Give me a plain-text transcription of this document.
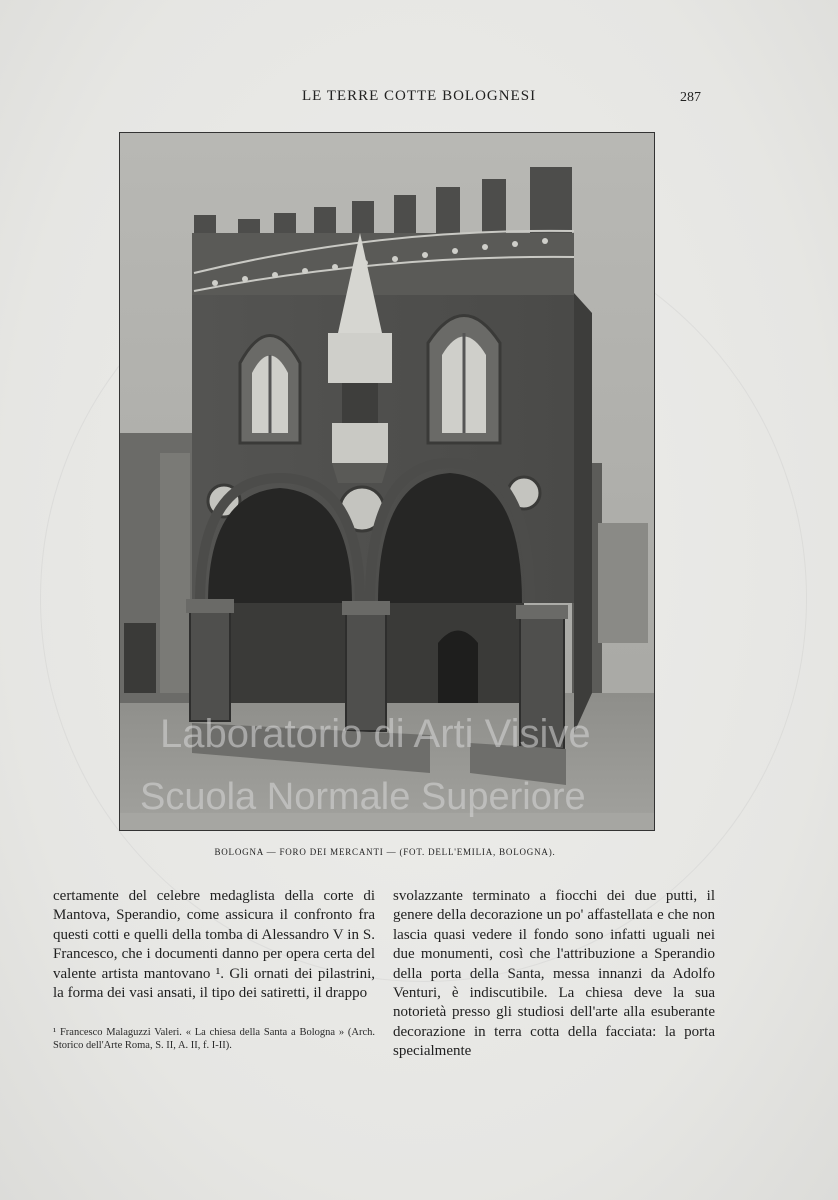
LE TERRE COTTE BOLOGNESI	287
BOLOGNA — FORO DEI MERCANTI — (FOT. DELL'EMILIA, BOLOGNA).

certamente del celebre medaglista della corte di Mantova, Sperandio, come assicura il confronto fra questi cotti e quelli della tomba di Alessandro V in S. Francesco, che i documenti danno per opera certa del valente artista mantovano ¹. Gli ornati dei pilastrini, la forma dei vasi ansati, il tipo dei satiretti, il drappo

svolazzante terminato a fiocchi dei due putti, il genere della decorazione un po' affastellata e che non lascia quasi vedere il fondo sono infatti uguali nei due monumenti, così che l'attribuzione a Sperandio della porta della Santa, messa innanzi da Adolfo Venturi, è indiscutibile. La chiesa deve la sua notorietà presso gli studiosi dell'arte alla esuberante decorazione in terra cotta della facciata: la porta specialmente

¹ Francesco Malaguzzi Valeri. « La chiesa della Santa a Bologna » (Arch. Storico dell'Arte Roma, S. II, A. II, f. I-II).
Laboratorio di Arti Visive
Scuola Normale Superiore
